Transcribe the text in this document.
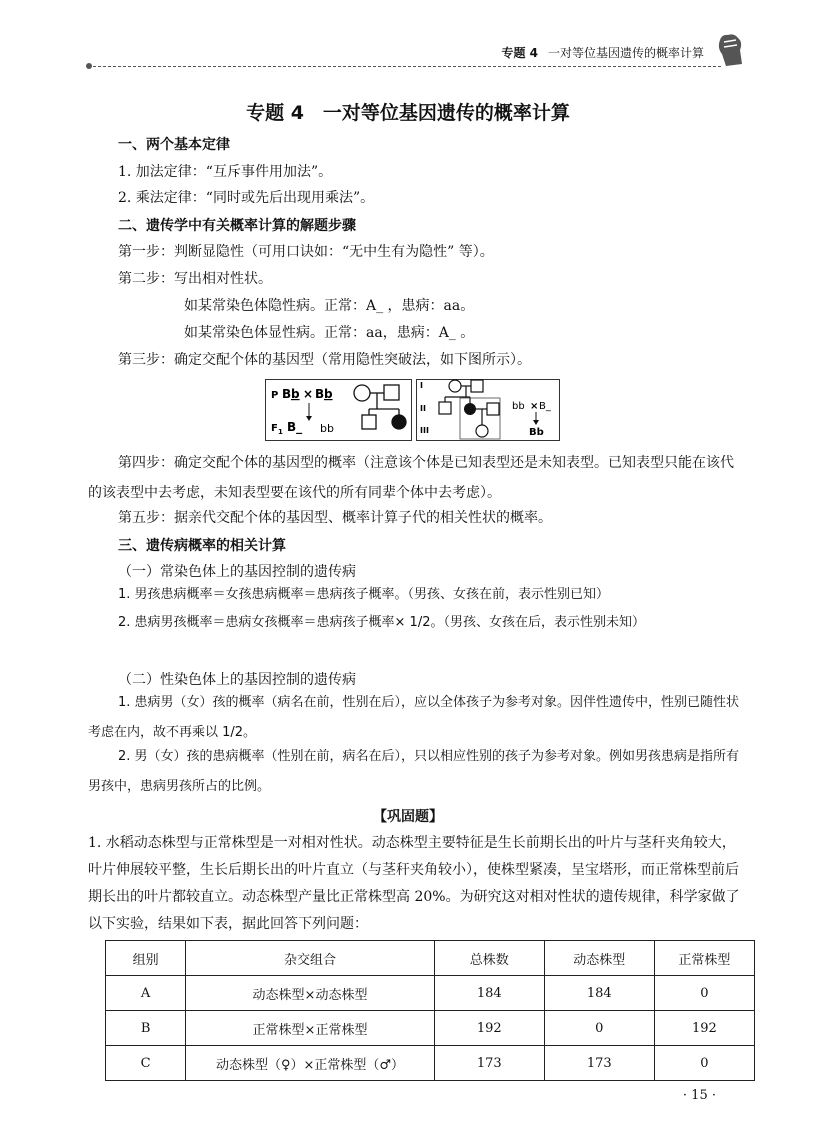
专题 4 一对等位基因遗传的概率计算
专题 4　一对等位基因遗传的概率计算
一、两个基本定律
1. 加法定律：“互斥事件用加法”。
2. 乘法定律：“同时或先后出现用乘法”。
二、遗传学中有关概率计算的解题步骤
第一步：判断显隐性（可用口诀如：“无中生有为隐性” 等）。
第二步：写出相对性状。
如某常染色体隐性病。正常：A_ ，患病：aa。
如某常染色体显性病。正常：aa，患病：A_ 。
第三步：确定交配个体的基因型（常用隐性突破法，如下图所示）。
P B b × B b
F 1 B_ bb
I
II
III
bb × B_
Bb
第四步：确定交配个体的基因型的概率（注意该个体是已知表型还是未知表型。已知表型只能在该代的该表型中去考虑，未知表型要在该代的所有同辈个体中去考虑）。
第五步：据亲代交配个体的基因型、概率计算子代的相关性状的概率。
三、遗传病概率的相关计算
（一）常染色体上的基因控制的遗传病
1. 男孩患病概率＝女孩患病概率＝患病孩子概率。（男孩、女孩在前，表示性别已知）
2. 患病男孩概率＝患病女孩概率＝患病孩子概率× 1/2。（男孩、女孩在后，表示性别未知）
（二）性染色体上的基因控制的遗传病
1. 患病男（女）孩的概率（病名在前，性别在后），应以全体孩子为参考对象。因伴性遗传中，性别已随性状考虑在内，故不再乘以 1/2。
2. 男（女）孩的患病概率（性别在前，病名在后），只以相应性别的孩子为参考对象。例如男孩患病是指所有男孩中，患病男孩所占的比例。
【巩固题】
1. 水稻动态株型与正常株型是一对相对性状。动态株型主要特征是生长前期长出的叶片与茎秆夹角较大，叶片伸展较平整，生长后期长出的叶片直立（与茎秆夹角较小），使株型紧凑，呈宝塔形，而正常株型前后期长出的叶片都较直立。动态株型产量比正常株型高 20%。为研究这对相对性状的遗传规律，科学家做了以下实验，结果如下表，据此回答下列问题：
组别	杂交组合	总株数	动态株型	正常株型
A	动态株型×动态株型	184	184	0
B	正常株型×正常株型	192	0	192
C	动态株型（♀）×正常株型（♂）	173	173	0
· 15 ·
